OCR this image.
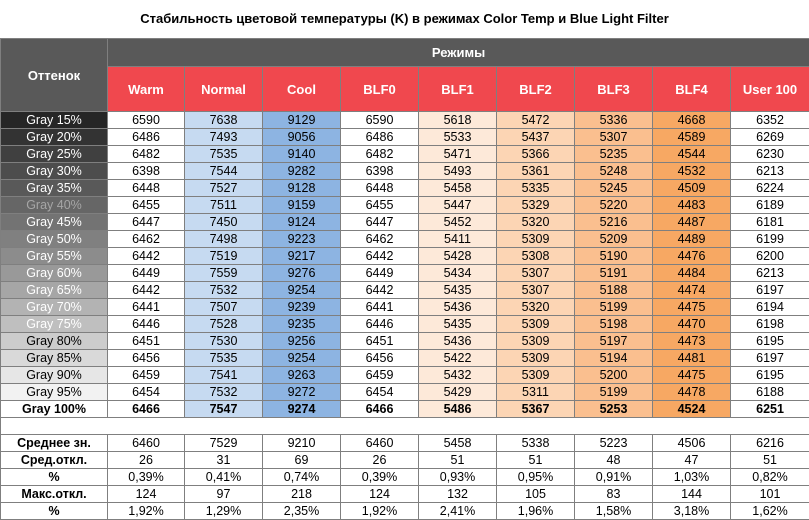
Стабильность цветовой температуры (K) в режимах Color Temp и Blue Light Filter
Оттенок	Режимы								
	Warm	Normal	Cool	BLF0	BLF1	BLF2	BLF3	BLF4	User 100
Gray 15%	6590	7638	9129	6590	5618	5472	5336	4668	6352
Gray 20%	6486	7493	9056	6486	5533	5437	5307	4589	6269
Gray 25%	6482	7535	9140	6482	5471	5366	5235	4544	6230
Gray 30%	6398	7544	9282	6398	5493	5361	5248	4532	6213
Gray 35%	6448	7527	9128	6448	5458	5335	5245	4509	6224
Gray 40%	6455	7511	9159	6455	5447	5329	5220	4483	6189
Gray 45%	6447	7450	9124	6447	5452	5320	5216	4487	6181
Gray 50%	6462	7498	9223	6462	5411	5309	5209	4489	6199
Gray 55%	6442	7519	9217	6442	5428	5308	5190	4476	6200
Gray 60%	6449	7559	9276	6449	5434	5307	5191	4484	6213
Gray 65%	6442	7532	9254	6442	5435	5307	5188	4474	6197
Gray 70%	6441	7507	9239	6441	5436	5320	5199	4475	6194
Gray 75%	6446	7528	9235	6446	5435	5309	5198	4470	6198
Gray 80%	6451	7530	9256	6451	5436	5309	5197	4473	6195
Gray 85%	6456	7535	9254	6456	5422	5309	5194	4481	6197
Gray 90%	6459	7541	9263	6459	5432	5309	5200	4475	6195
Gray 95%	6454	7532	9272	6454	5429	5311	5199	4478	6188
Gray 100%	6466	7547	9274	6466	5486	5367	5253	4524	6251

Среднее зн.	6460	7529	9210	6460	5458	5338	5223	4506	6216
Сред.откл.	26	31	69	26	51	51	48	47	51
%	0,39%	0,41%	0,74%	0,39%	0,93%	0,95%	0,91%	1,03%	0,82%
Макс.откл.	124	97	218	124	132	105	83	144	101
%	1,92%	1,29%	2,35%	1,92%	2,41%	1,96%	1,58%	3,18%	1,62%
